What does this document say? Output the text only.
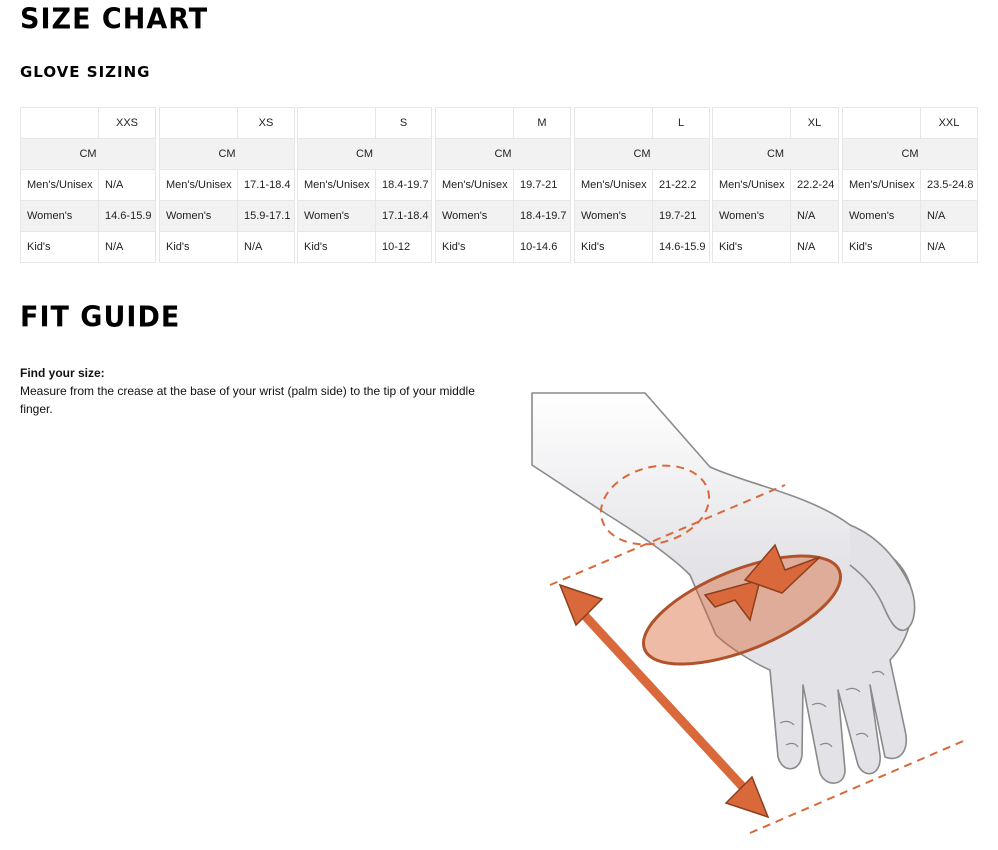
SIZE CHART
GLOVE SIZING
	XXS
CM	
Men's/Unisex	N/A
Women's	14.6-15.9
Kid's	N/A
	XS
CM	
Men's/Unisex	17.1-18.4
Women's	15.9-17.1
Kid's	N/A
	S
CM	
Men's/Unisex	18.4-19.7
Women's	17.1-18.4
Kid's	10-12
	M
CM	
Men's/Unisex	19.7-21
Women's	18.4-19.7
Kid's	10-14.6
	L
CM	
Men's/Unisex	21-22.2
Women's	19.7-21
Kid's	14.6-15.9
	XL
CM	
Men's/Unisex	22.2-24
Women's	N/A
Kid's	N/A
	XXL
CM	
Men's/Unisex	23.5-24.8
Women's	N/A
Kid's	N/A
FIT GUIDE
Find your size:
Measure from the crease at the base of your wrist (palm side) to the tip of your middle finger.
